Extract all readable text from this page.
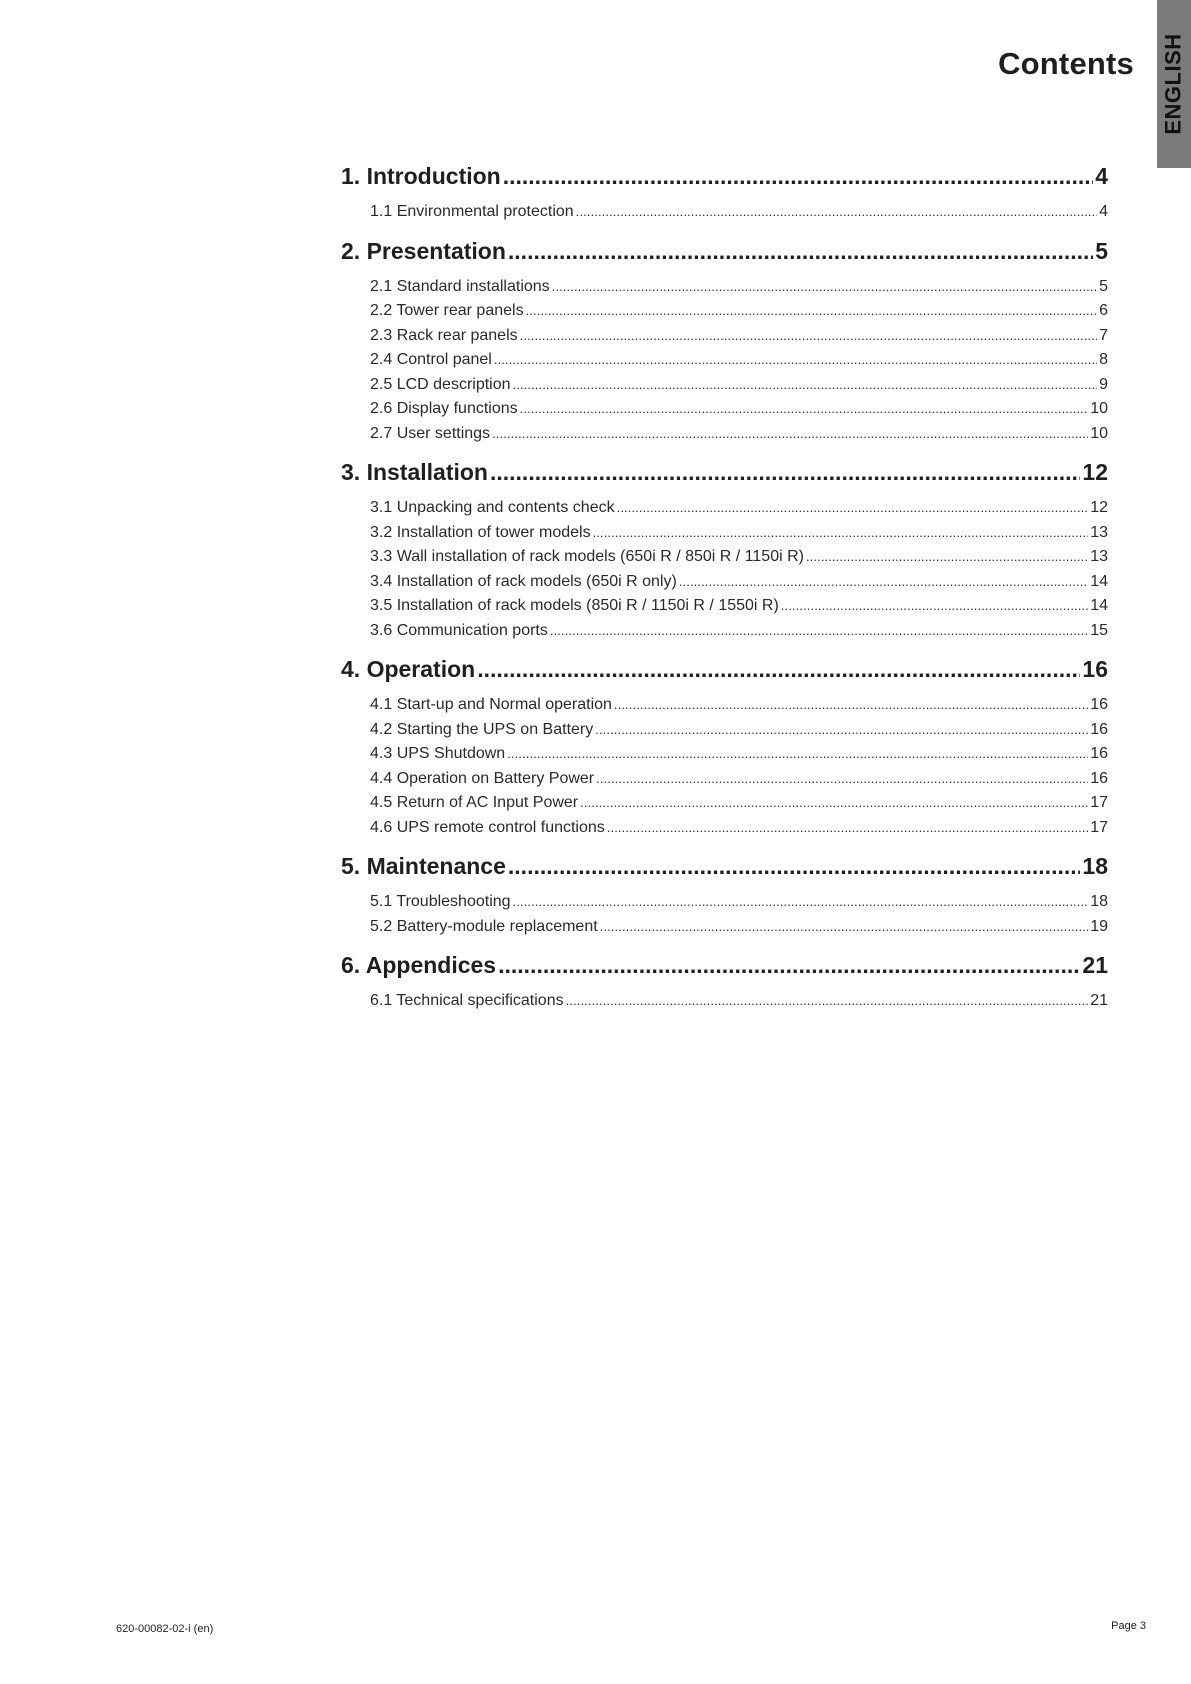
Contents ENGLISH
1. Introduction .....	4
1.1 Environmental protection .....	4
2. Presentation .....	5
2.1 Standard installations .....	5
2.2 Tower rear panels .....	6
2.3 Rack rear panels .....	7
2.4 Control panel .....	8
2.5 LCD description .....	9
2.6 Display functions .....	10
2.7 User settings .....	10
3. Installation .....	12
3.1 Unpacking and contents check .....	12
3.2 Installation of tower models .....	13
3.3 Wall installation of rack models (650i R / 850i R / 1150i R) .....	13
3.4 Installation of rack models (650i R only) .....	14
3.5 Installation of rack models (850i R / 1150i R / 1550i R) .....	14
3.6 Communication ports .....	15
4. Operation .....	16
4.1 Start-up and Normal operation .....	16
4.2 Starting the UPS on Battery .....	16
4.3 UPS Shutdown .....	16
4.4 Operation on Battery Power .....	16
4.5 Return of AC Input Power .....	17
4.6 UPS remote control functions .....	17
5. Maintenance .....	18
5.1 Troubleshooting .....	18
5.2 Battery-module replacement .....	19
6. Appendices .....	21
6.1 Technical specifications .....	21
620-00082-02-i (en)	Page 3
